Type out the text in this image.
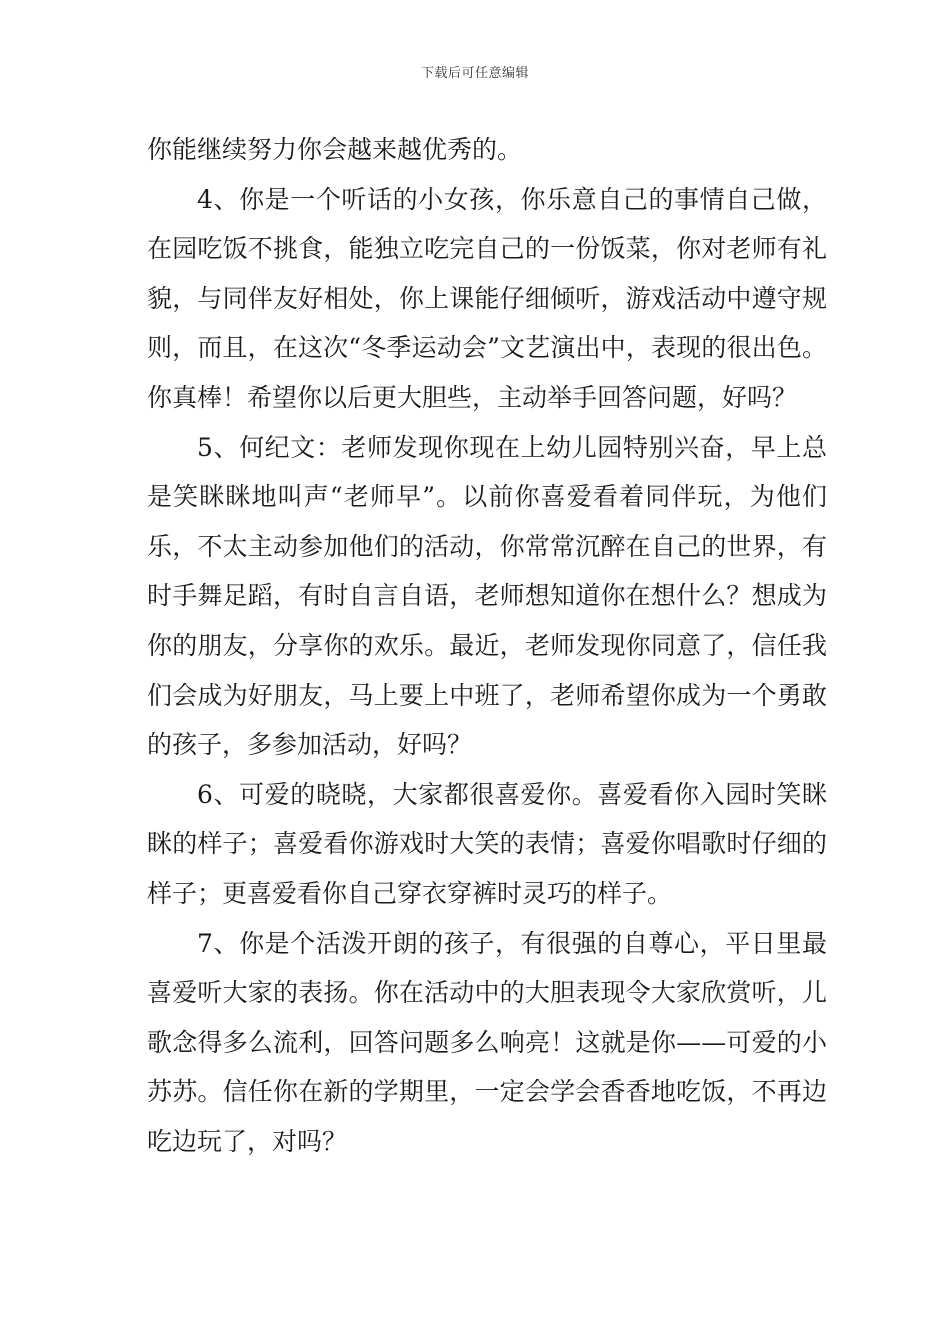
下载后可任意编辑

你能继续努力你会越来越优秀的。

4、你是一个听话的小女孩，你乐意自己的事情自己做，在园吃饭不挑食，能独立吃完自己的一份饭菜，你对老师有礼貌，与同伴友好相处，你上课能仔细倾听，游戏活动中遵守规则，而且，在这次“冬季运动会”文艺演出中，表现的很出色。你真棒！希望你以后更大胆些，主动举手回答问题，好吗？

5、何纪文：老师发现你现在上幼儿园特别兴奋，早上总是笑眯眯地叫声“老师早”。以前你喜爱看着同伴玩，为他们乐，不太主动参加他们的活动，你常常沉醉在自己的世界，有时手舞足蹈，有时自言自语，老师想知道你在想什么？想成为你的朋友，分享你的欢乐。最近，老师发现你同意了，信任我们会成为好朋友，马上要上中班了，老师希望你成为一个勇敢的孩子，多参加活动，好吗？

6、可爱的晓晓，大家都很喜爱你。喜爱看你入园时笑眯眯的样子；喜爱看你游戏时大笑的表情；喜爱你唱歌时仔细的样子；更喜爱看你自己穿衣穿裤时灵巧的样子。

7、你是个活泼开朗的孩子，有很强的自尊心，平日里最喜爱听大家的表扬。你在活动中的大胆表现令大家欣赏听，儿歌念得多么流利，回答问题多么响亮！这就是你——可爱的小苏苏。信任你在新的学期里，一定会学会香香地吃饭，不再边吃边玩了，对吗？
